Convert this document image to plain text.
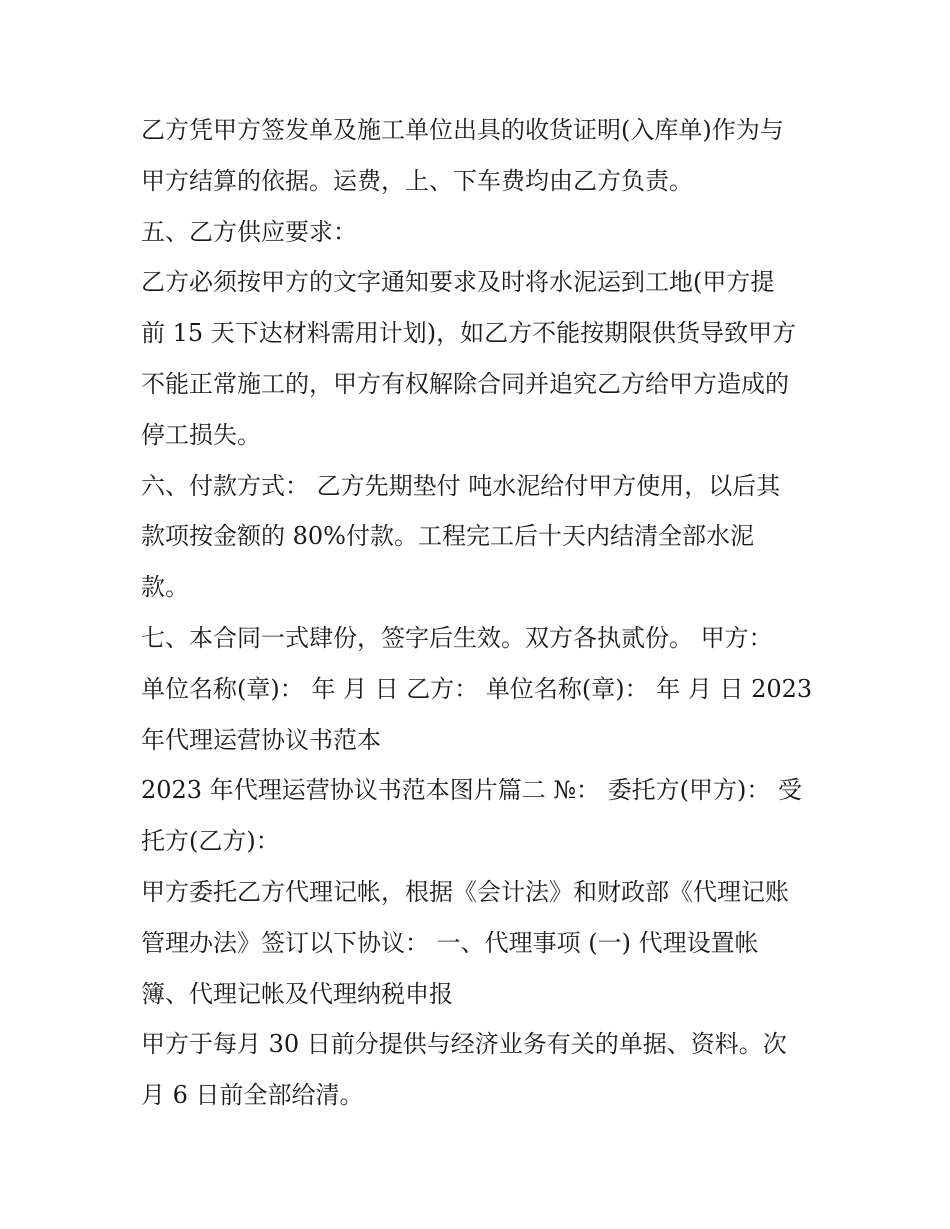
乙方凭甲方签发单及施工单位出具的收货证明(入库单)作为与
甲方结算的依据。运费，上、下车费均由乙方负责。
五、乙方供应要求：
乙方必须按甲方的文字通知要求及时将水泥运到工地(甲方提
前 15 天下达材料需用计划)，如乙方不能按期限供货导致甲方
不能正常施工的，甲方有权解除合同并追究乙方给甲方造成的
停工损失。
六、付款方式： 乙方先期垫付 吨水泥给付甲方使用，以后其
款项按金额的 80%付款。工程完工后十天内结清全部水泥
款。
七、本合同一式肆份，签字后生效。双方各执贰份。 甲方：
单位名称(章)： 年 月 日 乙方： 单位名称(章)： 年 月 日 2023
年代理运营协议书范本
2023 年代理运营协议书范本图片篇二 №： 委托方(甲方)： 受
托方(乙方)：
甲方委托乙方代理记帐，根据《会计法》和财政部《代理记账
管理办法》签订以下协议： 一、代理事项 (一) 代理设置帐
簿、代理记帐及代理纳税申报
甲方于每月 30 日前分提供与经济业务有关的单据、资料。次
月 6 日前全部给清。
